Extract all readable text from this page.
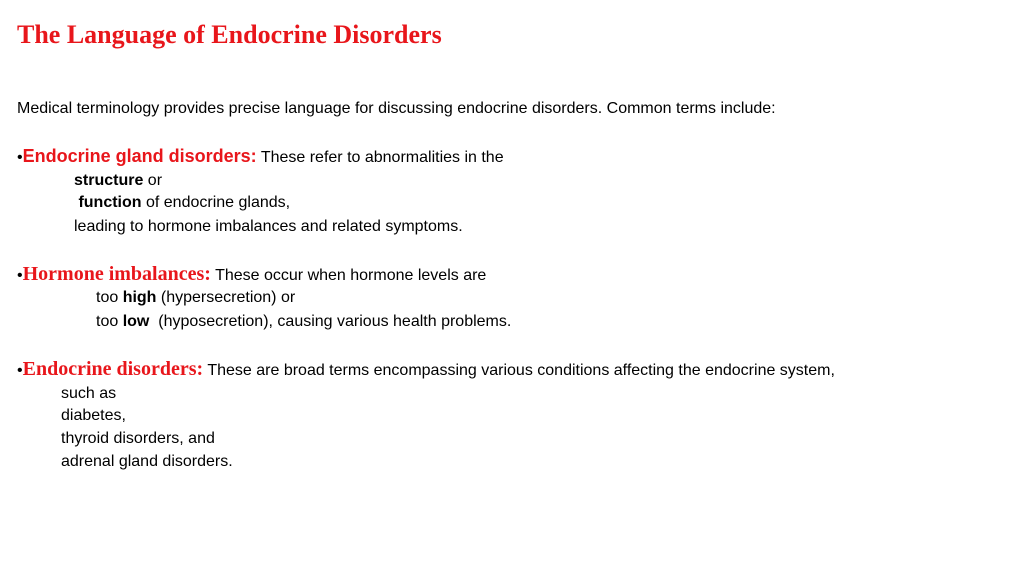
The Language of Endocrine Disorders

Medical terminology provides precise language for discussing endocrine disorders. Common terms include:

•Endocrine gland disorders: These refer to abnormalities in the

structure or

function of endocrine glands,

leading to hormone imbalances and related symptoms.

•Hormone imbalances: These occur when hormone levels are

too high (hypersecretion) or

too low  (hyposecretion), causing various health problems.

•Endocrine disorders: These are broad terms encompassing various conditions affecting the endocrine system,

such as

diabetes,

thyroid disorders, and

adrenal gland disorders.
